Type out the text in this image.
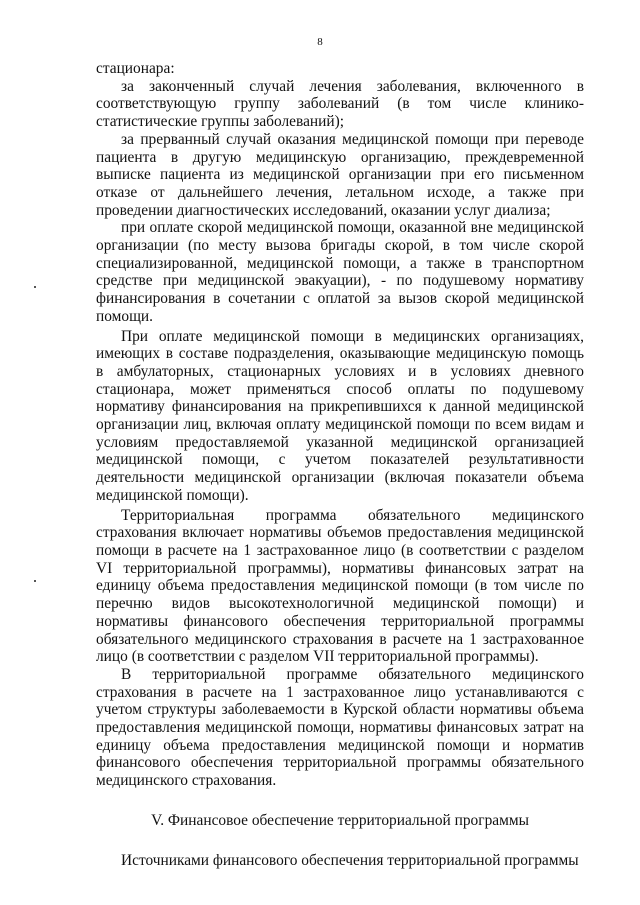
8

стационара:

за законченный случай лечения заболевания, включенного в соответствующую группу заболеваний (в том числе клинико-статистические группы заболеваний);

за прерванный случай оказания медицинской помощи при переводе пациента в другую медицинскую организацию, преждевременной выписке пациента из медицинской организации при его письменном отказе от дальнейшего лечения, летальном исходе, а также при проведении диагностических исследований, оказании услуг диализа;

при оплате скорой медицинской помощи, оказанной вне медицинской организации (по месту вызова бригады скорой, в том числе скорой специализированной, медицинской помощи, а также в транспортном средстве при медицинской эвакуации), - по подушевому нормативу финансирования в сочетании с оплатой за вызов скорой медицинской помощи.

При оплате медицинской помощи в медицинских организациях, имеющих в составе подразделения, оказывающие медицинскую помощь в амбулаторных, стационарных условиях и в условиях дневного стационара, может применяться способ оплаты по подушевому нормативу финансирования на прикрепившихся к данной медицинской организации лиц, включая оплату медицинской помощи по всем видам и условиям предоставляемой указанной медицинской организацией медицинской помощи, с учетом показателей результативности деятельности медицинской организации (включая показатели объема медицинской помощи).

Территориальная программа обязательного медицинского страхования включает нормативы объемов предоставления медицинской помощи в расчете на 1 застрахованное лицо (в соответствии с разделом VI территориальной программы), нормативы финансовых затрат на единицу объема предоставления медицинской помощи (в том числе по перечню видов высокотехнологичной медицинской помощи) и нормативы финансового обеспечения территориальной программы обязательного медицинского страхования в расчете на 1 застрахованное лицо (в соответствии с разделом VII территориальной программы).

В территориальной программе обязательного медицинского страхования в расчете на 1 застрахованное лицо устанавливаются с учетом структуры заболеваемости в Курской области нормативы объема предоставления медицинской помощи, нормативы финансовых затрат на единицу объема предоставления медицинской помощи и норматив финансового обеспечения территориальной программы обязательного медицинского страхования.

V. Финансовое обеспечение территориальной программы

Источниками финансового обеспечения территориальной программы
